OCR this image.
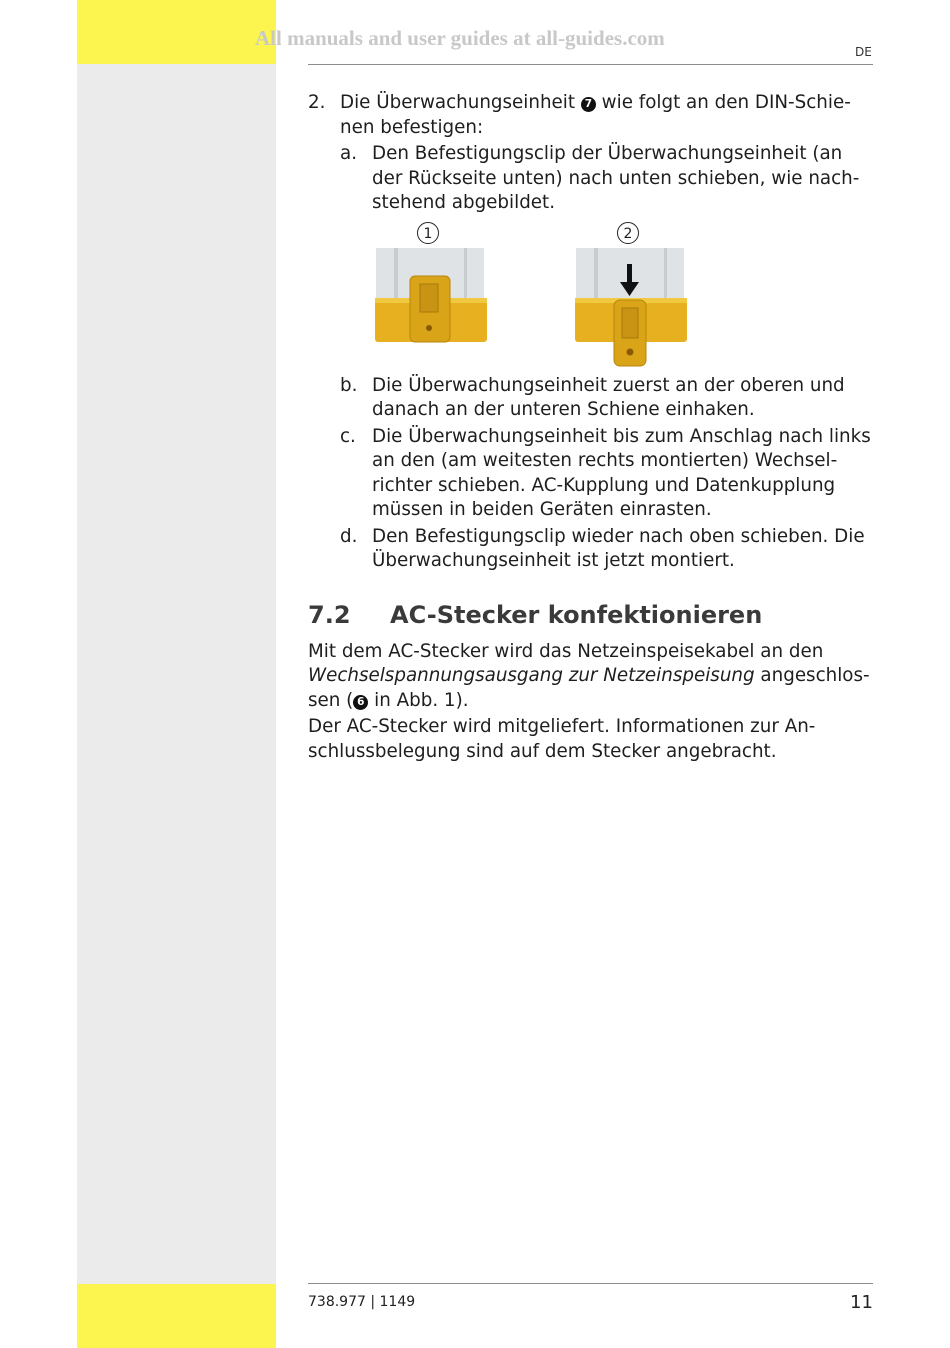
All manuals and user guides at all-guides.com
DE
2. Die Überwachungseinheit 7 wie folgt an den DIN-Schie-
nen befestigen:
a. Den Befestigungsclip der Überwachungseinheit (an
der Rückseite unten) nach unten schieben, wie nach-
stehend abgebildet.
1	2
b. Die Überwachungseinheit zuerst an der oberen und
danach an der unteren Schiene einhaken.
c. Die Überwachungseinheit bis zum Anschlag nach links
an den (am weitesten rechts montierten) Wechsel-
richter schieben. AC-Kupplung und Datenkupplung
müssen in beiden Geräten einrasten.
d. Den Befestigungsclip wieder nach oben schieben. Die
Überwachungseinheit ist jetzt montiert.
7.2 AC-Stecker konfektionieren

Mit dem AC-Stecker wird das Netzeinspeisekabel an den
Wechselspannungsausgang zur Netzeinspeisung angeschlos-
sen ( 6 in Abb. 1).

Der AC-Stecker wird mitgeliefert. Informationen zur An-
schlussbelegung sind auf dem Stecker angebracht.

738.977 | 1149	11
